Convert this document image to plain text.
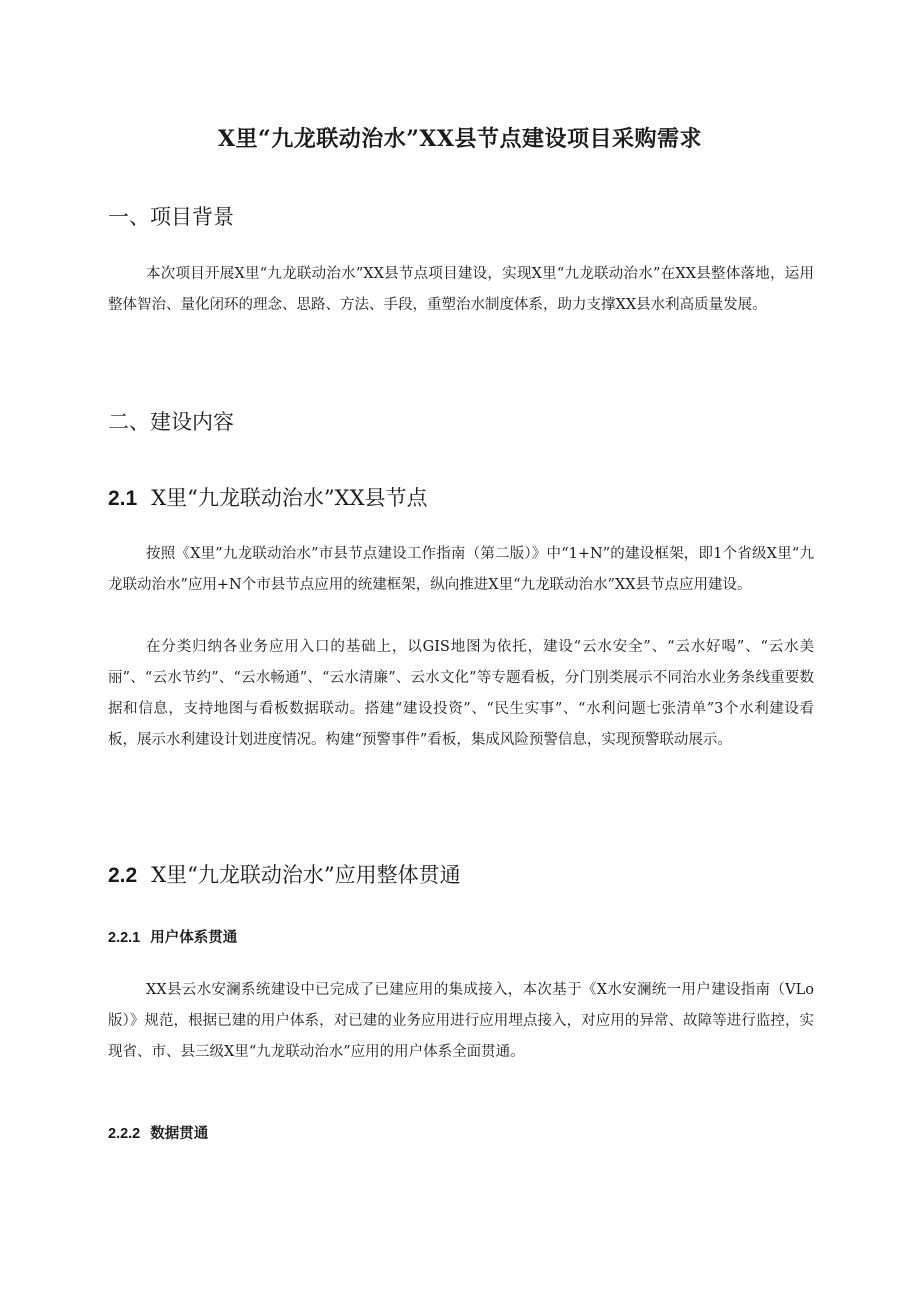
X里“九龙联动治水”XX县节点建设项目采购需求
一、项目背景

本次项目开展X里“九龙联动治水”XX县节点项目建设，实现X里“九龙联动治水”在XX县整体落地，运用整体智治、量化闭环的理念、思路、方法、手段，重塑治水制度体系，助力支撑XX县水利高质量发展。

二、建设内容
2.1 X里“九龙联动治水”XX县节点

按照《X里”九龙联动治水”市县节点建设工作指南（第二版）》中“1+N”的建设框架，即1个省级X里“九龙联动治水”应用+N个市县节点应用的统建框架，纵向推进X里“九龙联动治水”XX县节点应用建设。

在分类归纳各业务应用入口的基础上，以GIS地图为依托，建设“云水安全”、“云水好喝”、“云水美丽”、“云水节约”、“云水畅通”、“云水清廉”、云水文化”等专题看板，分门别类展示不同治水业务条线重要数据和信息，支持地图与看板数据联动。搭建“建设投资”、“民生实事”、“水利问题七张清单”3个水利建设看板，展示水利建设计划进度情况。构建“预警事件”看板，集成风险预警信息，实现预警联动展示。

2.2 X里“九龙联动治水”应用整体贯通
2.2.1 用户体系贯通

XX县云水安澜系统建设中已完成了已建应用的集成接入，本次基于《X水安澜统一用户建设指南（VLo版）》规范，根据已建的用户体系，对已建的业务应用进行应用埋点接入，对应用的异常、故障等进行监控，实现省、市、县三级X里“九龙联动治水”应用的用户体系全面贯通。

2.2.2 数据贯通
